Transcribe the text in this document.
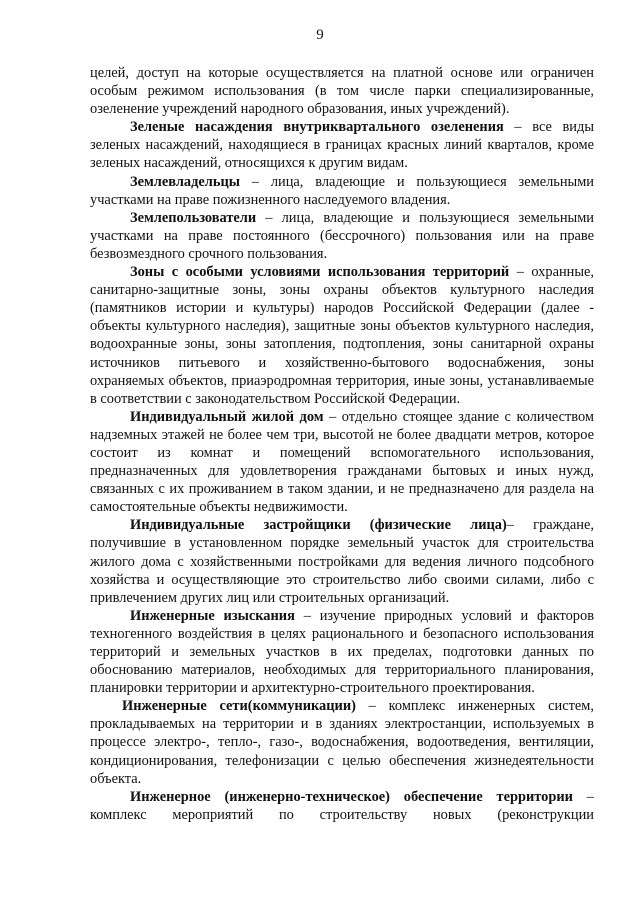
9

целей, доступ на которые осуществляется на платной основе или ограничен особым режимом использования (в том числе парки специализированные, озеленение учреждений народного образования, иных учреждений).

Зеленые насаждения внутриквартального озеленения – все виды зеленых насаждений, находящиеся в границах красных линий кварталов, кроме зеленых насаждений, относящихся к другим видам.

Землевладельцы – лица, владеющие и пользующиеся земельными участками на праве пожизненного наследуемого владения.

Землепользователи – лица, владеющие и пользующиеся земельными участками на праве постоянного (бессрочного) пользования или на праве безвозмездного срочного пользования.

Зоны с особыми условиями использования территорий – охранные, санитарно-защитные зоны, зоны охраны объектов культурного наследия (памятников истории и культуры) народов Российской Федерации (далее - объекты культурного наследия), защитные зоны объектов культурного наследия, водоохранные зоны, зоны затопления, подтопления, зоны санитарной охраны источников питьевого и хозяйственно-бытового водоснабжения, зоны охраняемых объектов, приаэродромная территория, иные зоны, устанавливаемые в соответствии с законодательством Российской Федерации.

Индивидуальный жилой дом – отдельно стоящее здание с количеством надземных этажей не более чем три, высотой не более двадцати метров, которое состоит из комнат и помещений вспомогательного использования, предназначенных для удовлетворения гражданами бытовых и иных нужд, связанных с их проживанием в таком здании, и не предназначено для раздела на самостоятельные объекты недвижимости.

Индивидуальные застройщики (физические лица)– граждане, получившие в установленном порядке земельный участок для строительства жилого дома с хозяйственными постройками для ведения личного подсобного хозяйства и осуществляющие это строительство либо своими силами, либо с привлечением других лиц или строительных организаций.

Инженерные изыскания – изучение природных условий и факторов техногенного воздействия в целях рационального и безопасного использования территорий и земельных участков в их пределах, подготовки данных по обоснованию материалов, необходимых для территориального планирования, планировки территории и архитектурно-строительного проектирования.

Инженерные сети(коммуникации) – комплекс инженерных систем, прокладываемых на территории и в зданиях электростанции, используемых в процессе электро-, тепло-, газо-, водоснабжения, водоотведения, вентиляции, кондиционирования, телефонизации с целью обеспечения жизнедеятельности объекта.

Инженерное (инженерно-техническое) обеспечение территории – комплекс мероприятий по строительству новых (реконструкции
